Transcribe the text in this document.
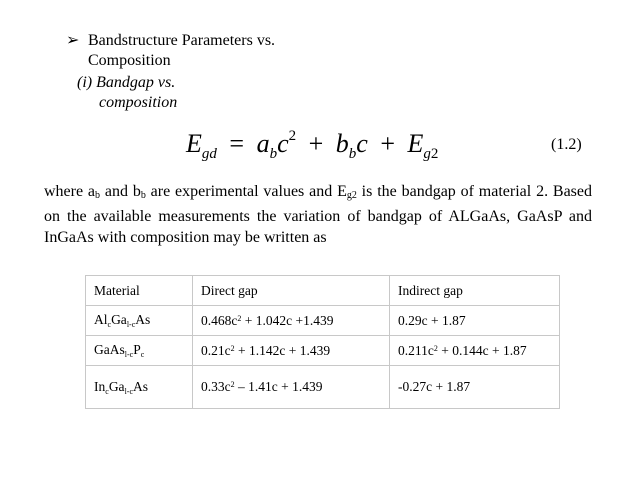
➢ Bandstructure Parameters vs.
Composition
(i) Bandgap vs.
composition
$E_{gd} = a_bc^2 + b_bc + E_{g2}$
(1.2)
where $a_b$ and $b_b$ are experimental values and $E_{g2}$ is the bandgap of material 2. Based on the available measurements the variation of bandgap of ALGaAs, GaAsP and InGaAs with composition may be written as
Material	Direct gap	Indirect gap
$Al_cGa_{l-c}As$	$0.468c^2 + 1.042c +1.439$	0.29c + 1.87
$GaAs_{l-c}P_c$	$0.21c^2 + 1.142c + 1.439$	$0.211c^2 + 0.144c + 1.87$
$In_cGa_{l-c}As$	$0.33c^2 - 1.41c + 1.439$	-0.27c + 1.87
